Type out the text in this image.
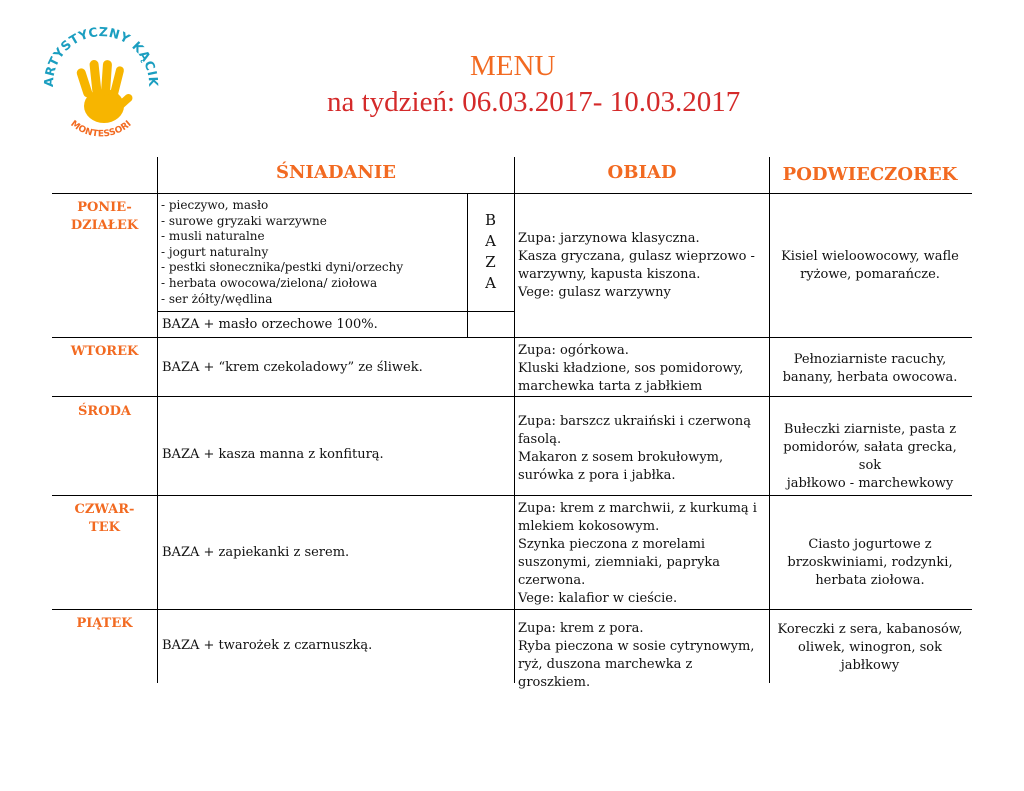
ARTYSTYCZNY KĄCIK
MONTESSORI
MENU
na tydzień: 06.03.2017- 10.03.2017
ŚNIADANIE	OBIAD	PODWIECZOREK
PONIE-
DZIAŁEK
WTOREK
ŚRODA
CZWAR-
TEK
PIĄTEK
- pieczywo, masło
- surowe gryzaki warzywne
- musli naturalne
- jogurt naturalny
- pestki słonecznika/pestki dyni/orzechy
- herbata owocowa/zielona/ ziołowa
- ser żółty/wędlina
B
A
Z
A
BAZA + masło orzechowe 100%.
BAZA + “krem czekoladowy” ze śliwek.
BAZA + kasza manna z konfiturą.
BAZA + zapiekanki z serem.
BAZA + twarożek z czarnuszką.
Zupa: jarzynowa klasyczna.
Kasza gryczana, gulasz wieprzowo -
warzywny, kapusta kiszona.
Vege: gulasz warzywny
Zupa: ogórkowa.
Kluski kładzione, sos pomidorowy,
marchewka tarta z jabłkiem
Zupa: barszcz ukraiński i czerwoną
fasolą.
Makaron z sosem brokułowym,
surówka z pora i jabłka.
Zupa: krem z marchwii, z kurkumą i
mlekiem kokosowym.
Szynka pieczona z morelami
suszonymi, ziemniaki, papryka
czerwona.
Vege: kalafior w cieście.
Zupa: krem z pora.
Ryba pieczona w sosie cytrynowym,
ryż, duszona marchewka z groszkiem.
Kisiel wieloowocowy, wafle
ryżowe, pomarańcze.
Pełnoziarniste racuchy,
banany, herbata owocowa.
Bułeczki ziarniste, pasta z
pomidorów, sałata grecka, sok
jabłkowo - marchewkowy
Ciasto jogurtowe z
brzoskwiniami, rodzynki,
herbata ziołowa.
Koreczki z sera, kabanosów,
oliwek, winogron, sok
jabłkowy
